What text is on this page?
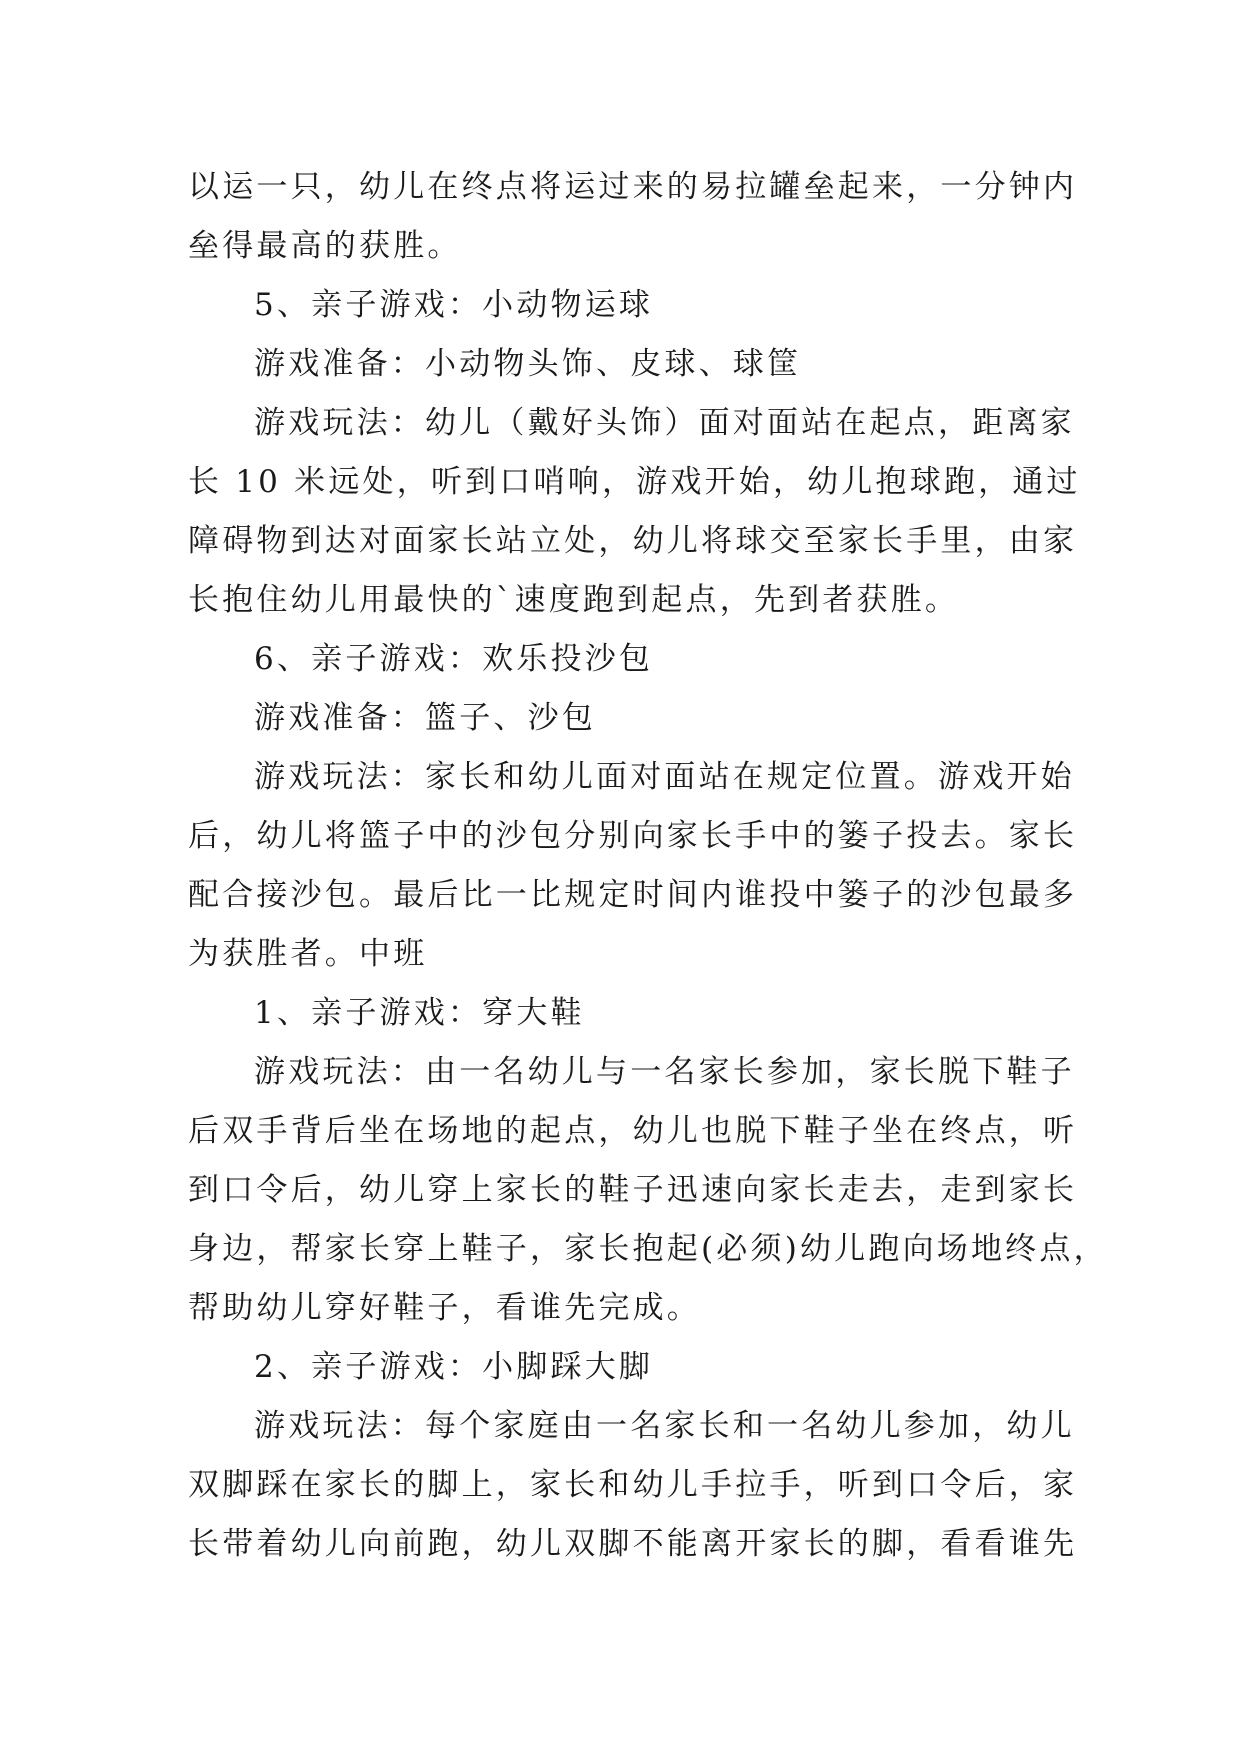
以运一只，幼儿在终点将运过来的易拉罐垒起来，一分钟内
垒得最高的获胜。
5、亲子游戏：小动物运球
游戏准备：小动物头饰、皮球、球筐
游戏玩法：幼儿（戴好头饰）面对面站在起点，距离家
长 10 米远处，听到口哨响，游戏开始，幼儿抱球跑，通过
障碍物到达对面家长站立处，幼儿将球交至家长手里，由家
长抱住幼儿用最快的`速度跑到起点，先到者获胜。
6、亲子游戏：欢乐投沙包
游戏准备：篮子、沙包
游戏玩法：家长和幼儿面对面站在规定位置。游戏开始
后，幼儿将篮子中的沙包分别向家长手中的篓子投去。家长
配合接沙包。最后比一比规定时间内谁投中篓子的沙包最多
为获胜者。中班
1、亲子游戏：穿大鞋
游戏玩法：由一名幼儿与一名家长参加，家长脱下鞋子
后双手背后坐在场地的起点，幼儿也脱下鞋子坐在终点，听
到口令后，幼儿穿上家长的鞋子迅速向家长走去，走到家长
身边，帮家长穿上鞋子，家长抱起(必须)幼儿跑向场地终点，
帮助幼儿穿好鞋子，看谁先完成。
2、亲子游戏：小脚踩大脚
游戏玩法：每个家庭由一名家长和一名幼儿参加，幼儿
双脚踩在家长的脚上，家长和幼儿手拉手，听到口令后，家
长带着幼儿向前跑，幼儿双脚不能离开家长的脚，看看谁先
